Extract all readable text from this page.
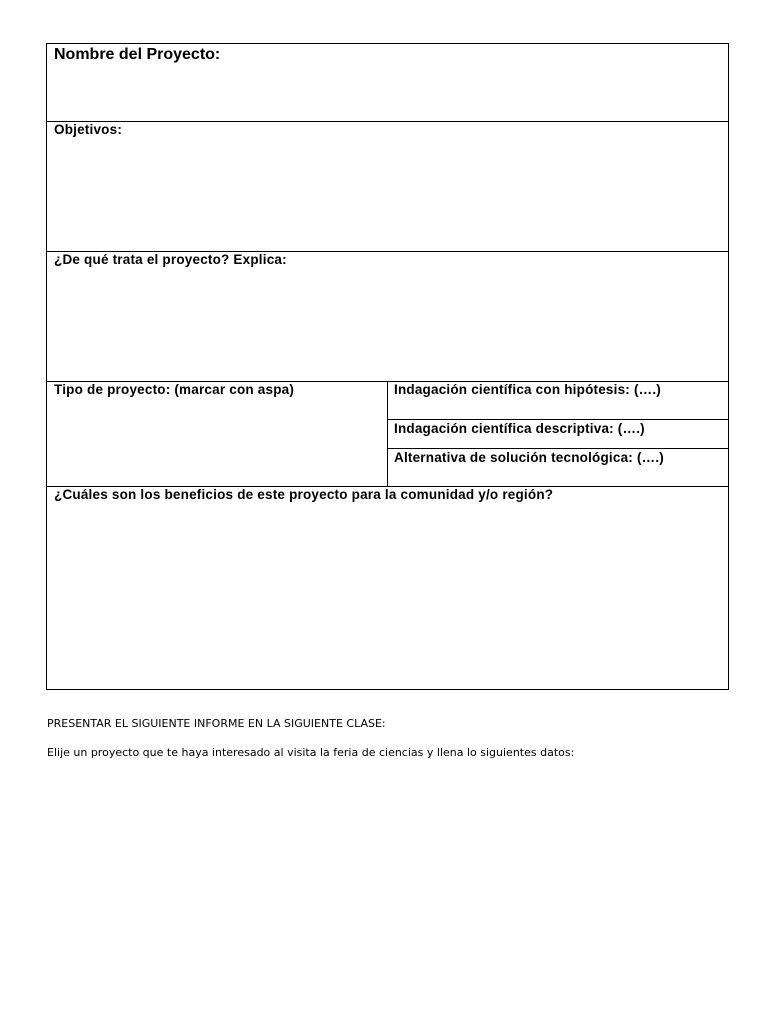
Nombre del Proyecto:
Objetivos:
¿De qué trata el proyecto? Explica:
Tipo de proyecto: (marcar con aspa)	Indagación científica con hipótesis: (….)
Indagación científica descriptiva: (….)
Alternativa de solución tecnológica: (….)
¿Cuáles son los beneficios de este proyecto para la comunidad y/o región?
PRESENTAR EL SIGUIENTE INFORME EN LA SIGUIENTE CLASE:
Elije un proyecto que te haya interesado al visita la feria de ciencias y llena lo siguientes datos:
